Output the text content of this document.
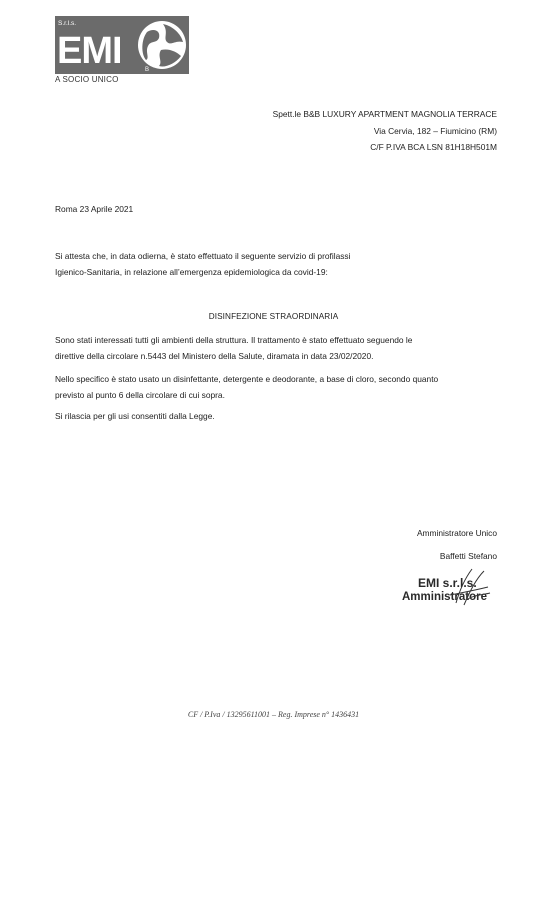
S.r.l.s.
EMI	B
A SOCIO UNICO
Spett.le B&B LUXURY APARTMENT MAGNOLIA TERRACE
Via Cervia, 182 – Fiumicino (RM)
C/F P.IVA BCA LSN 81H18H501M
Roma 23 Aprile 2021

Si attesta che, in data odierna, è stato effettuato il seguente servizio di profilassi
Igienico-Sanitaria, in relazione all’emergenza epidemiologica da covid-19:

DISINFEZIONE STRAORDINARIA

Sono stati interessati tutti gli ambienti della struttura. Il trattamento è stato effettuato seguendo le
direttive della circolare n.5443 del Ministero della Salute, diramata in data 23/02/2020.

Nello specifico è stato usato un disinfettante, detergente e deodorante, a base di cloro, secondo quanto
previsto al punto 6 della circolare di cui sopra.

Si rilascia per gli usi consentiti dalla Legge.

Amministratore Unico
Baffetti Stefano
EMI s.r.l.s.
Amministratore
CF / P.Iva / 13295611001 – Reg. Imprese n° 1436431
